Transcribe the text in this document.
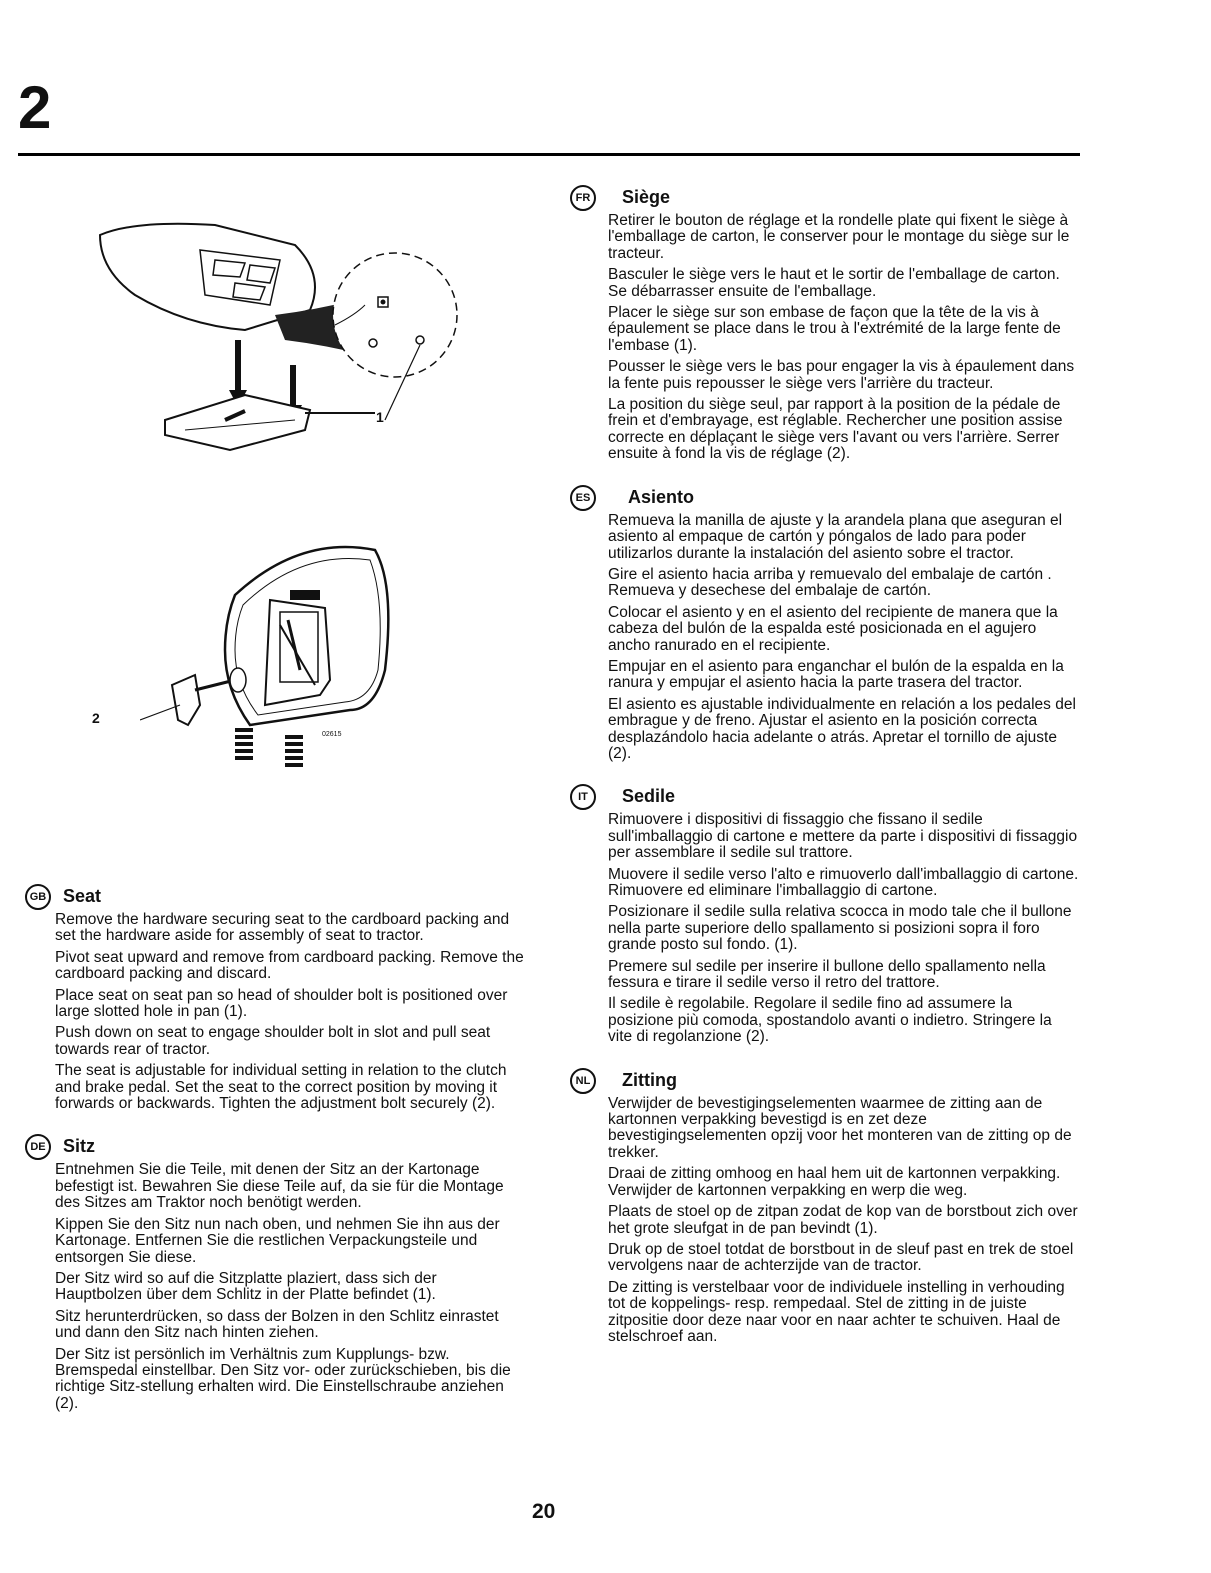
2
1
2
02615
GB Seat

Remove the hardware securing seat to the cardboard packing and set the hardware aside for assembly of seat to tractor.

Pivot seat upward and remove from cardboard packing. Remove the cardboard packing and discard.

Place seat on seat pan so head of shoulder bolt is positioned over large slotted hole in pan (1).

Push down on seat to engage shoulder bolt in slot and pull seat towards rear of tractor.

The seat is adjustable for individual setting in relation to the clutch and brake pedal. Set the seat to the correct position by moving it forwards or backwards. Tighten the adjustment bolt securely (2).

DE Sitz

Entnehmen Sie die Teile, mit denen der Sitz an der Kartonage befestigt ist. Bewahren Sie diese Teile auf, da sie für die Montage des Sitzes am Traktor noch benötigt werden.

Kippen Sie den Sitz nun nach oben, und nehmen Sie ihn aus der Kartonage. Entfernen Sie die restlichen Verpackungsteile und entsorgen Sie diese.

Der Sitz wird so auf die Sitzplatte plaziert, dass sich der Hauptbolzen über dem Schlitz in der Platte befindet (1).

Sitz herunterdrücken, so dass der Bolzen in den Schlitz einrastet und dann den Sitz nach hinten ziehen.

Der Sitz ist persönlich im Verhältnis zum Kupplungs- bzw. Bremspedal einstellbar. Den Sitz vor- oder zurückschieben, bis die richtige Sitz-stellung erhalten wird. Die Einstellschraube anziehen (2).

FR	Siège

Retirer le bouton de réglage et la rondelle plate qui fixent le siège à l'emballage de carton, le conserver pour le montage du siège sur le tracteur.

Basculer le siège vers le haut et le sortir de l'emballage de carton. Se débarrasser ensuite de l'emballage.

Placer le siège sur son embase de façon que la tête de la vis à épaulement se place dans le trou à l'extrémité de la large fente de l'embase (1).

Pousser le siège vers le bas pour engager la vis à épaulement dans la fente puis repousser le siège vers l'arrière du tracteur.

La position du siège seul, par rapport à la position de la pédale de frein et d'embrayage, est réglable. Rechercher une position assise correcte en déplaçant le siège vers l'avant ou vers l'arrière. Serrer ensuite à fond la vis de réglage (2).

ES	Asiento

Remueva la manilla de ajuste y la arandela plana que aseguran el asiento al empaque de cartón y póngalos de lado para poder utilizarlos durante la instalación del asiento sobre el tractor.

Gire el asiento hacia arriba y remuevalo del embalaje de cartón . Remueva y desechese del embalaje de cartón.

Colocar el asiento y en el asiento del recipiente de manera que la cabeza del bulón de la espalda esté posicionada en el agujero ancho ranurado en el recipiente.

Empujar en el asiento para enganchar el bulón de la espalda en la ranura y empujar el asiento hacia la parte trasera del tractor.

El asiento es ajustable individualmente en relación a los pedales del embrague y de freno. Ajustar el asiento en la posición correcta desplazándolo hacia adelante o atrás. Apretar el tornillo de ajuste (2).

IT	Sedile

Rimuovere i dispositivi di fissaggio che fissano il sedile sull'imballaggio di cartone e mettere da parte i dispositivi di fissaggio per assemblare il sedile sul trattore.

Muovere il sedile verso l'alto e rimuoverlo dall'imballaggio di cartone. Rimuovere ed eliminare l'imballaggio di cartone.

Posizionare il sedile sulla relativa scocca in modo tale che il bullone nella parte superiore dello spallamento si posizioni sopra il foro grande posto sul fondo. (1).

Premere sul sedile per inserire il bullone dello spallamento nella fessura e tirare il sedile verso il retro del trattore.

Il sedile è regolabile. Regolare il sedile fino ad assumere la posizione più comoda, spostandolo avanti o indietro. Stringere la vite di regolanzione (2).

NL	Zitting

Verwijder de bevestigingselementen waarmee de zitting aan de kartonnen verpakking bevestigd is en zet deze bevestigingselementen opzij voor het monteren van de zitting op de trekker.

Draai de zitting omhoog en haal hem uit de kartonnen verpakking. Verwijder de kartonnen verpakking en werp die weg.

Plaats de stoel op de zitpan zodat de kop van de borstbout zich over het grote sleufgat in de pan bevindt (1).

Druk op de stoel totdat de borstbout in de sleuf past en trek de stoel vervolgens naar de achterzijde van de tractor.

De zitting is verstelbaar voor de individuele instelling in verhouding tot de koppelings- resp. rempedaal. Stel de zitting in de juiste zitpositie door deze naar voor en naar achter te schuiven. Haal de stelschroef aan.

20
